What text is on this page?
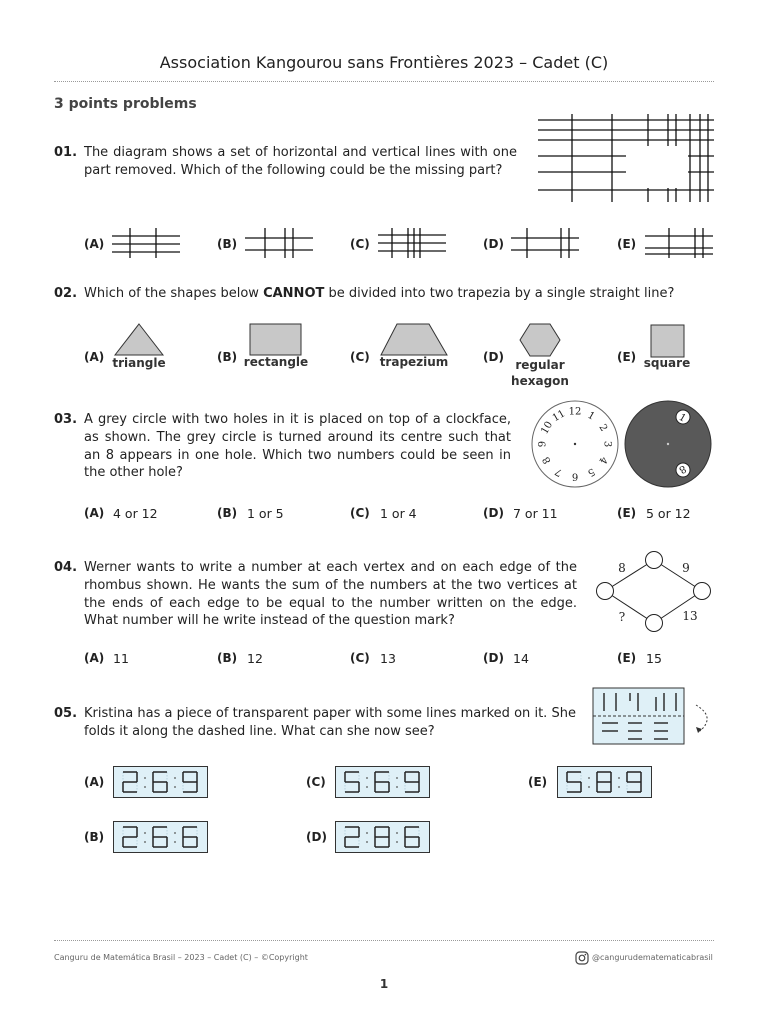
Association Kangourou sans Frontières 2023 – Cadet (C)
3 points problems
01. The diagram shows a set of horizontal and vertical lines with one part removed. Which of the following could be the missing part?
(A)	(B)	(C)	(D)	(E)
02. Which of the shapes below CANNOT be divided into two trapezia by a single straight line?
(A) triangle	(B) rectangle	(C) trapezium	(D)
regular hexagon
(E) square
03. A grey circle with two holes in it is placed on top of a clockface, as shown. The grey circle is turned around its centre such that an 8 appears in one hole. Which two numbers could be seen in the other hole?
12 1
2
3
4
5
6
7
8
9
10
11	1
8
(A) 4 or 12	(B) 1 or 5	(C) 1 or 4	(D) 7 or 11	(E) 5 or 12
04. Werner wants to write a number at each vertex and on each edge of the rhombus shown. He wants the sum of the numbers at the two vertices at the ends of each edge to be equal to the number written on the edge. What number will he write instead of the question mark?
8	9
?	13
(A) 11	(B) 12	(C) 13	(D) 14	(E) 15
05. Kristina has a piece of transparent paper with some lines marked on it. She folds it along the dashed line. What can she now see?
(A)	(C)	(E)
(B)	(D)
Canguru de Matemática Brasil – 2023 – Cadet (C) – ©Copyright	@cangurudematematicabrasil
1
